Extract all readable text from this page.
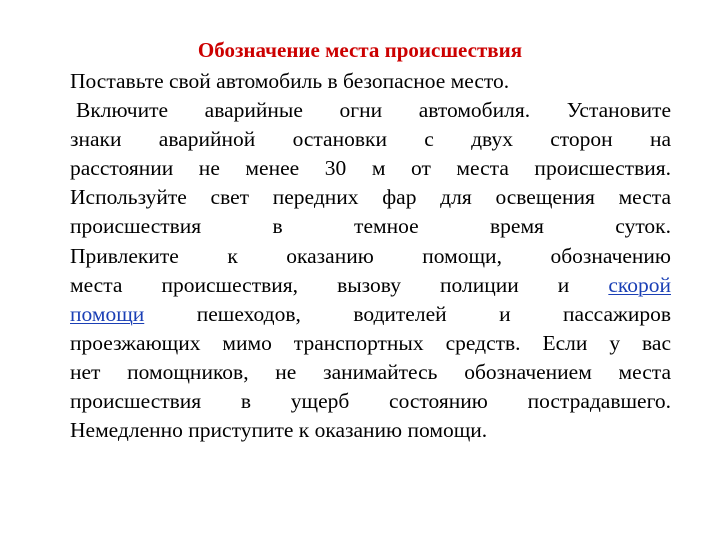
Обозначение места происшествия
Поставьте свой автомобиль в безопасное место.
Включите аварийные огни автомобиля. Установите
знаки аварийной остановки с двух сторон на
расстоянии не менее 30 м от места происшествия.
Используйте свет передних фар для освещения места
происшествия в темное время суток.
Привлеките к оказанию помощи, обозначению
места происшествия, вызову полиции и скорой
помощи пешеходов, водителей и пассажиров
проезжающих мимо транспортных средств. Если у вас
нет помощников, не занимайтесь обозначением места
происшествия в ущерб состоянию пострадавшего.
Немедленно приступите к оказанию помощи.
